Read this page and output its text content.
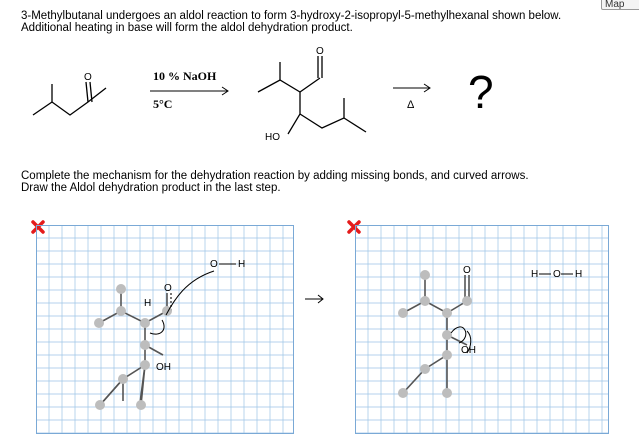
Map
3-Methylbutanal undergoes an aldol reaction to form 3-hydroxy-2-isopropyl-5-methylhexanal shown below.
Additional heating in base will form the aldol dehydration product.
O	10 % NaOH
5°C
O
HO
Δ ?
Complete the mechanism for the dehydration reaction by adding missing bonds, and curved arrows.
Draw the Aldol dehydration product in the last step.
O H
H
O
OH
O
OH
H O H
